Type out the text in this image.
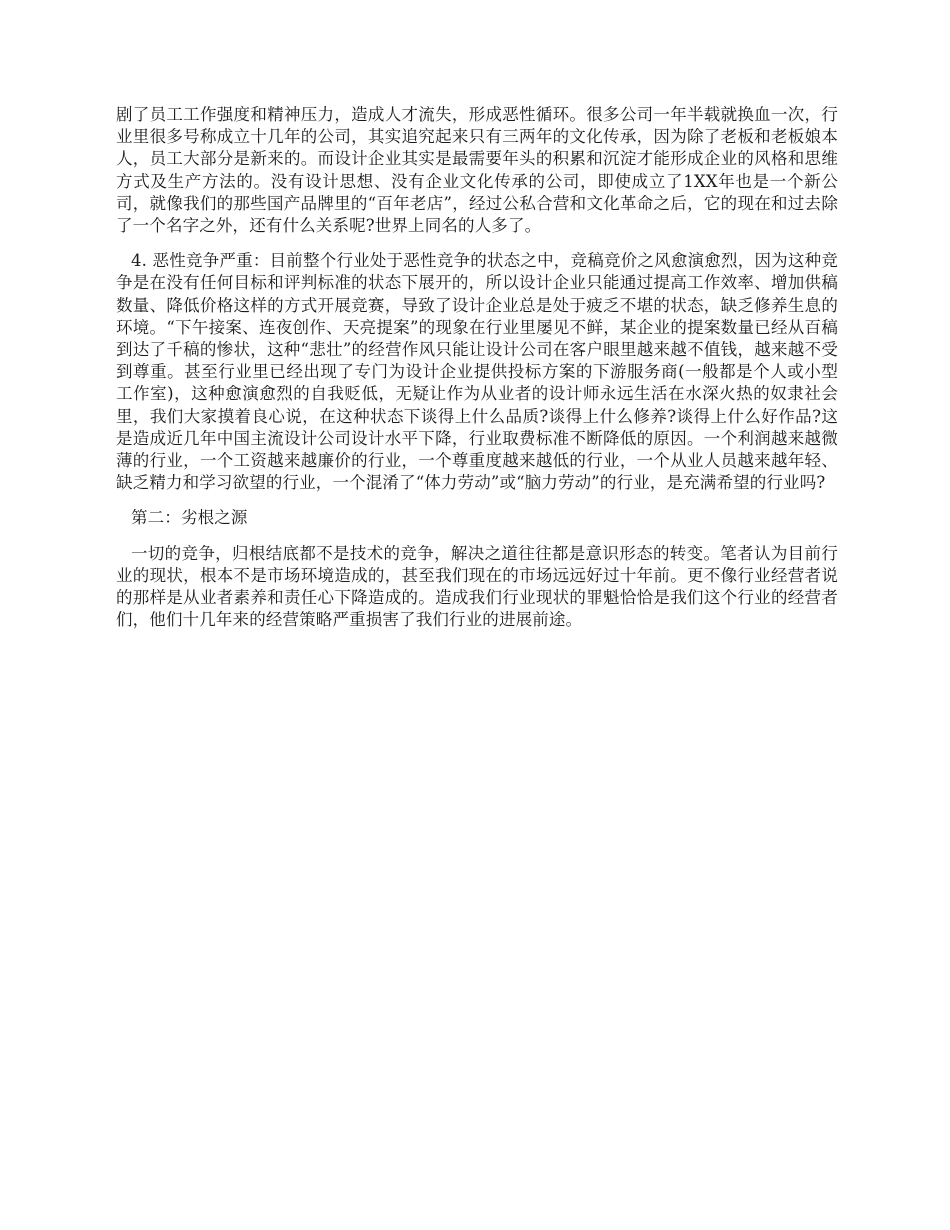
剧了员工工作强度和精神压力，造成人才流失，形成恶性循环。很多公司一年半载就换血一次，行业里很多号称成立十几年的公司，其实追究起来只有三两年的文化传承，因为除了老板和老板娘本人，员工大部分是新来的。而设计企业其实是最需要年头的积累和沉淀才能形成企业的风格和思维方式及生产方法的。没有设计思想、没有企业文化传承的公司，即使成立了1XX年也是一个新公司，就像我们的那些国产品牌里的“百年老店”，经过公私合营和文化革命之后，它的现在和过去除了一个名字之外，还有什么关系呢?世界上同名的人多了。

4. 恶性竞争严重：目前整个行业处于恶性竞争的状态之中，竞稿竞价之风愈演愈烈，因为这种竞争是在没有任何目标和评判标准的状态下展开的，所以设计企业只能通过提高工作效率、增加供稿数量、降低价格这样的方式开展竞赛，导致了设计企业总是处于疲乏不堪的状态，缺乏修养生息的环境。“下午接案、连夜创作、天亮提案”的现象在行业里屡见不鲜，某企业的提案数量已经从百稿到达了千稿的惨状，这种“悲壮”的经营作风只能让设计公司在客户眼里越来越不值钱，越来越不受到尊重。甚至行业里已经出现了专门为设计企业提供投标方案的下游服务商(一般都是个人或小型工作室)，这种愈演愈烈的自我贬低，无疑让作为从业者的设计师永远生活在水深火热的奴隶社会里，我们大家摸着良心说，在这种状态下谈得上什么品质?谈得上什么修养?谈得上什么好作品?这是造成近几年中国主流设计公司设计水平下降，行业取费标准不断降低的原因。一个利润越来越微薄的行业，一个工资越来越廉价的行业，一个尊重度越来越低的行业，一个从业人员越来越年轻、缺乏精力和学习欲望的行业，一个混淆了“体力劳动”或“脑力劳动”的行业，是充满希望的行业吗?

第二：劣根之源

一切的竞争，归根结底都不是技术的竞争，解决之道往往都是意识形态的转变。笔者认为目前行业的现状，根本不是市场环境造成的，甚至我们现在的市场远远好过十年前。更不像行业经营者说的那样是从业者素养和责任心下降造成的。造成我们行业现状的罪魁恰恰是我们这个行业的经营者们，他们十几年来的经营策略严重损害了我们行业的进展前途。
